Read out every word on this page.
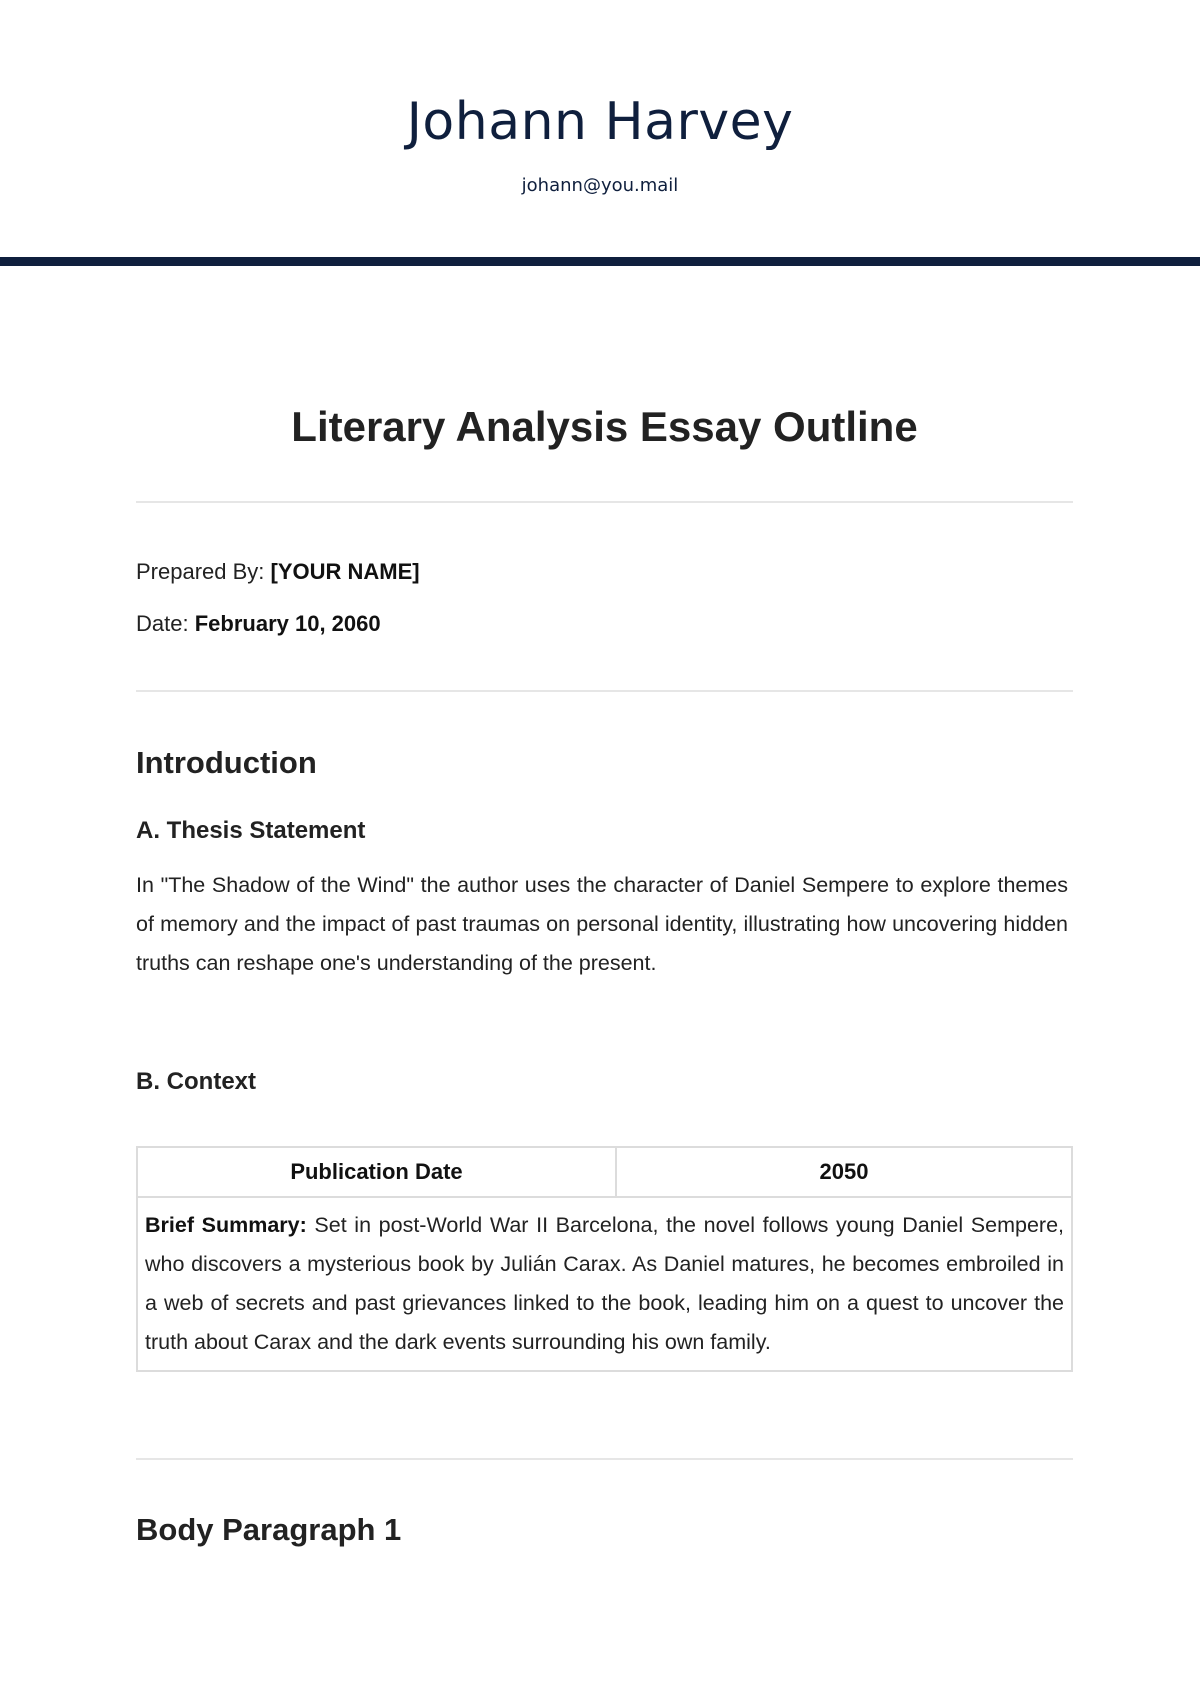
Johann Harvey
johann@you.mail
Literary Analysis Essay Outline
Prepared By: [YOUR NAME]
Date: February 10, 2060
Introduction
A. Thesis Statement

In "The Shadow of the Wind" the author uses the character of Daniel Sempere to explore themes of memory and the impact of past traumas on personal identity, illustrating how uncovering hidden truths can reshape one's understanding of the present.

B. Context
Publication Date	2050
Brief Summary: Set in post-World War II Barcelona, the novel follows young Daniel Sempere, who discovers a mysterious book by Julián Carax. As Daniel matures, he becomes embroiled in a web of secrets and past grievances linked to the book, leading him on a quest to uncover the truth about Carax and the dark events surrounding his own family.
Body Paragraph 1
